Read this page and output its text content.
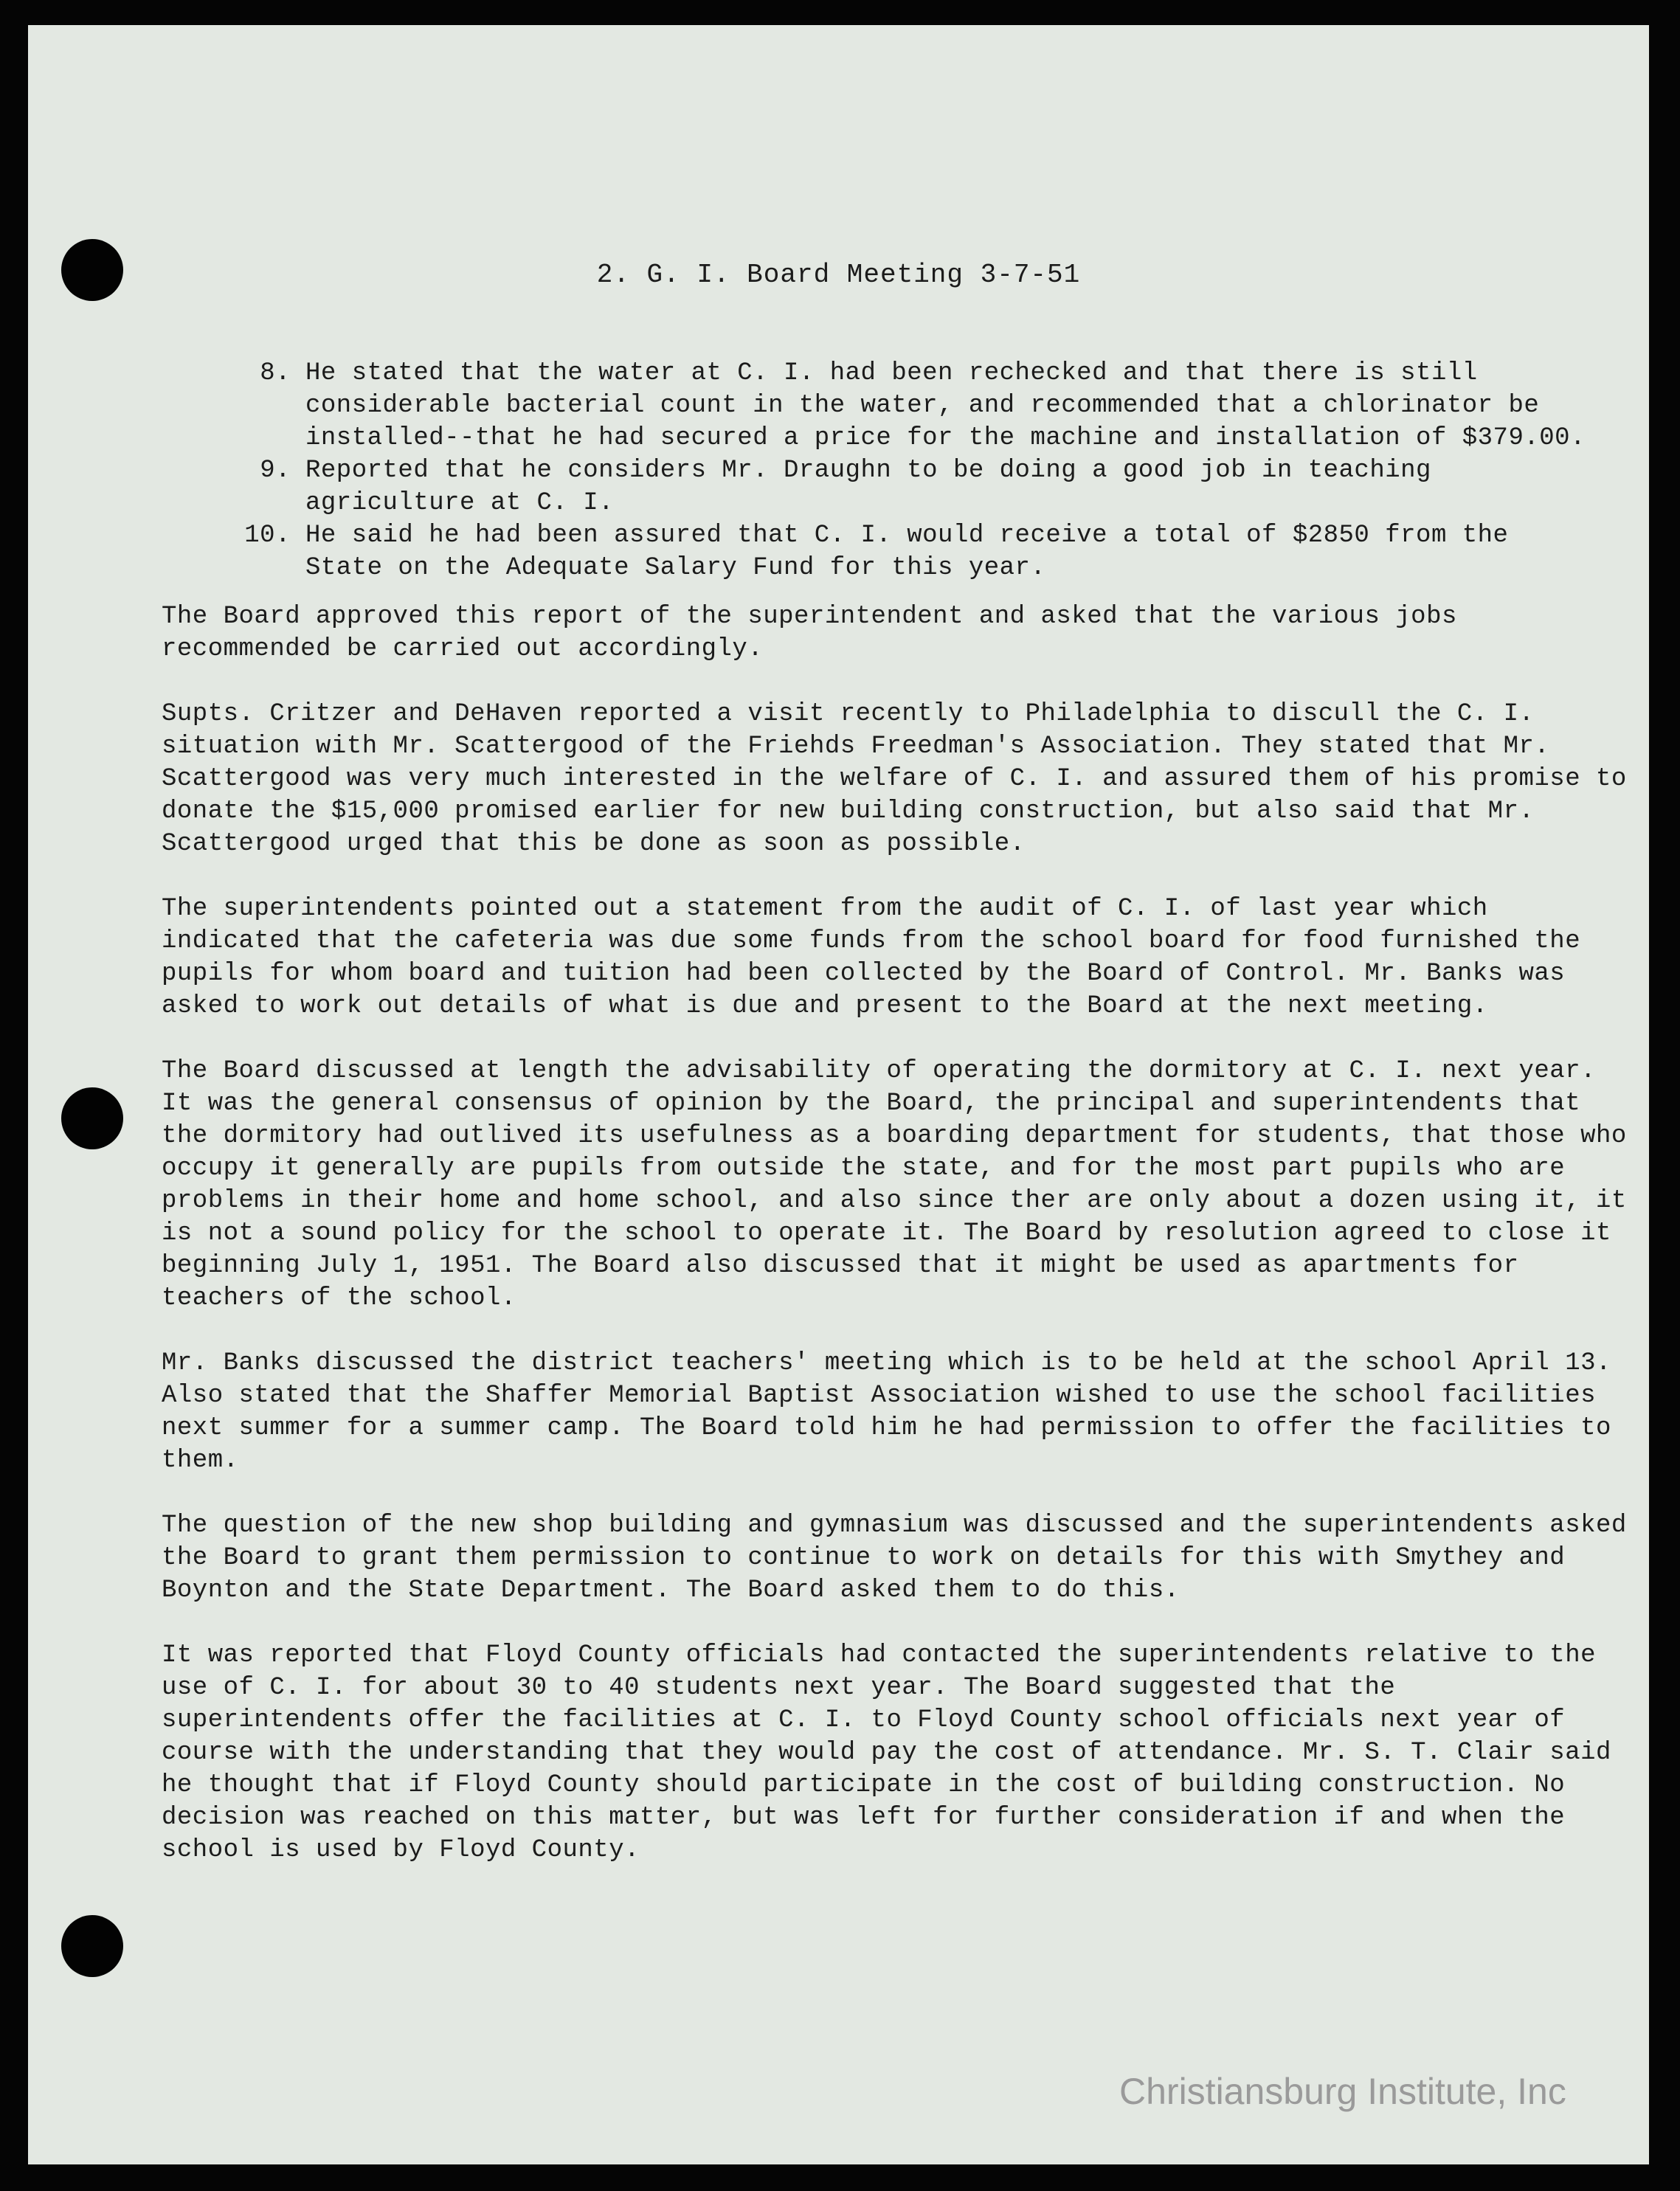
2. G. I. Board Meeting 3-7-51
8. He stated that the water at C. I. had been rechecked and that there is still considerable bacterial count in the water, and recommended that a chlorinator be installed--that he had secured a price for the machine and installation of $379.00.
9. Reported that he considers Mr. Draughn to be doing a good job in teaching agriculture at C. I.
10. He said he had been assured that C. I. would receive a total of $2850 from the State on the Adequate Salary Fund for this year.

The Board approved this report of the superintendent and asked that the various jobs recommended be carried out accordingly.

Supts. Critzer and DeHaven reported a visit recently to Philadelphia to discull the C. I. situation with Mr. Scattergood of the Friehds Freedman's Association. They stated that Mr. Scattergood was very much interested in the welfare of C. I. and assured them of his promise to donate the $15,000 promised earlier for new building construction, but also said that Mr. Scattergood urged that this be done as soon as possible.

The superintendents pointed out a statement from the audit of C. I. of last year which indicated that the cafeteria was due some funds from the school board for food furnished the pupils for whom board and tuition had been collected by the Board of Control. Mr. Banks was asked to work out details of what is due and present to the Board at the next meeting.

The Board discussed at length the advisability of operating the dormitory at C. I. next year. It was the general consensus of opinion by the Board, the principal and superintendents that the dormitory had outlived its usefulness as a boarding department for students, that those who occupy it generally are pupils from outside the state, and for the most part pupils who are problems in their home and home school, and also since ther are only about a dozen using it, it is not a sound policy for the school to operate it. The Board by resolution agreed to close it beginning July 1, 1951. The Board also discussed that it might be used as apartments for teachers of the school.

Mr. Banks discussed the district teachers' meeting which is to be held at the school April 13. Also stated that the Shaffer Memorial Baptist Association wished to use the school facilities next summer for a summer camp. The Board told him he had permission to offer the facilities to them.

The question of the new shop building and gymnasium was discussed and the superintendents asked the Board to grant them permission to continue to work on details for this with Smythey and Boynton and the State Department. The Board asked them to do this.

It was reported that Floyd County officials had contacted the superintendents relative to the use of C. I. for about 30 to 40 students next year. The Board suggested that the superintendents offer the facilities at C. I. to Floyd County school officials next year of course with the understanding that they would pay the cost of attendance. Mr. S. T. Clair said he thought that if Floyd County should participate in the cost of building construction. No decision was reached on this matter, but was left for further consideration if and when the school is used by Floyd County.

Christiansburg Institute, Inc
